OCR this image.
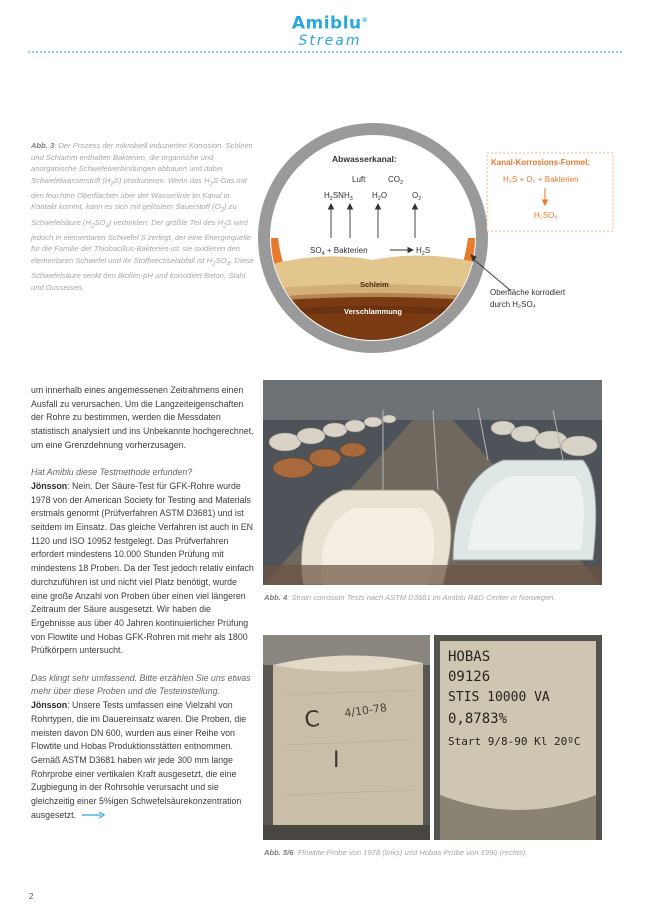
Amiblu®
Stream
Abb. 3: Der Prozess der mikrobiell induzierten Korrosion. Schleim und Schlamm enthalten Bakterien, die organische und anorganische Schwefelverbindungen abbauen und dabei Schwefelwasserstoff $(H_2S)$ produzieren. Wenn das $H_2S$-Gas mit den feuchten Oberflächen über der Wasserlinie im Kanal in Kontakt kommt, kann es sich mit gelöstem Sauerstoff $(O_2)$ zu Schwefelsäure $(H_2SO_4)$ verbinden. Der größte Teil des $H_2S$ wird jedoch in elementaren Schwefel S zerlegt, der eine Energiequelle für die Familie der Thiobacillus-Bakterien ist: sie oxidieren den elementaren Schwefel und ihr Stoffwechselabfall ist $H_2SO_4$. Diese Schwefelsäure senkt den Biofilm-pH und korrodiert Beton, Stahl und Gusseisen.
Abwasserkanal:
Luft	$CO_2$
$H_2SNH_3$ $H_2O$	$O_2$
$SO_4$ + Bakterien	$H_2S$
Schleim
Verschlammung
Kanal-Korrosions-Formel:
H₂S + O₂ + Bakterien
H₂SO₄
Oberfläche korrodiert
durch H₂SO₄

um innerhalb eines angemessenen Zeitrahmens einen Ausfall zu verursachen. Um die Langzeiteigenschaften der Rohre zu bestimmen, werden die Messdaten statistisch analysiert und ins Unbekannte hochgerechnet, um eine Grenzdehnung vorherzusagen.

Hat Amiblu diese Testmethode erfunden?
Jönsson: Nein. Der Säure-Test für GFK-Rohre wurde 1978 von der American Society for Testing and Materials erstmals genormt (Prüfverfahren ASTM D3681) und ist seitdem im Einsatz. Das gleiche Verfahren ist auch in EN 1120 und ISO 10952 festgelegt. Das Prüfverfahren erfordert mindestens 10.000 Stunden Prüfung mit mindestens 18 Proben. Da der Test jedoch relativ einfach durchzuführen ist und nicht viel Platz benötigt, wurde eine große Anzahl von Proben über einen viel längeren Zeitraum der Säure ausgesetzt. Wir haben die Ergebnisse aus über 40 Jahren kontinuierlicher Prüfung von Flowtite und Hobas GFK-Rohren mit mehr als 1800 Prüfkörpern untersucht.

Das klingt sehr umfassend. Bitte erzählen Sie uns etwas mehr über diese Proben und die Testeinstellung.
Jönsson: Unsere Tests umfassen eine Vielzahl von Rohrtypen, die im Dauereinsatz waren. Die Proben, die meisten davon DN 600, wurden aus einer Reihe von Flowtite und Hobas Produktionsstätten entnommen. Gemäß ASTM D3681 haben wir jede 300 mm lange Rohrprobe einer vertikalen Kraft ausgesetzt, die eine Zugbiegung in der Rohrsohle verursacht und sie gleichzeitig einer 5%igen Schwefelsäurekonzentration ausgesetzt.

Abb. 4: Strain corrosion Tests nach ASTM D3681 im Amiblu R&D Center in Norwegen.
C
I
4/10-78
HOBAS
09126
STIS 10000 VA
0,8783%
Start 9/8-90 Kl 20ºC
Abb. 5/6: Flowtite-Probe von 1978 (links) und Hobas-Probe von 1990 (rechts).
2
